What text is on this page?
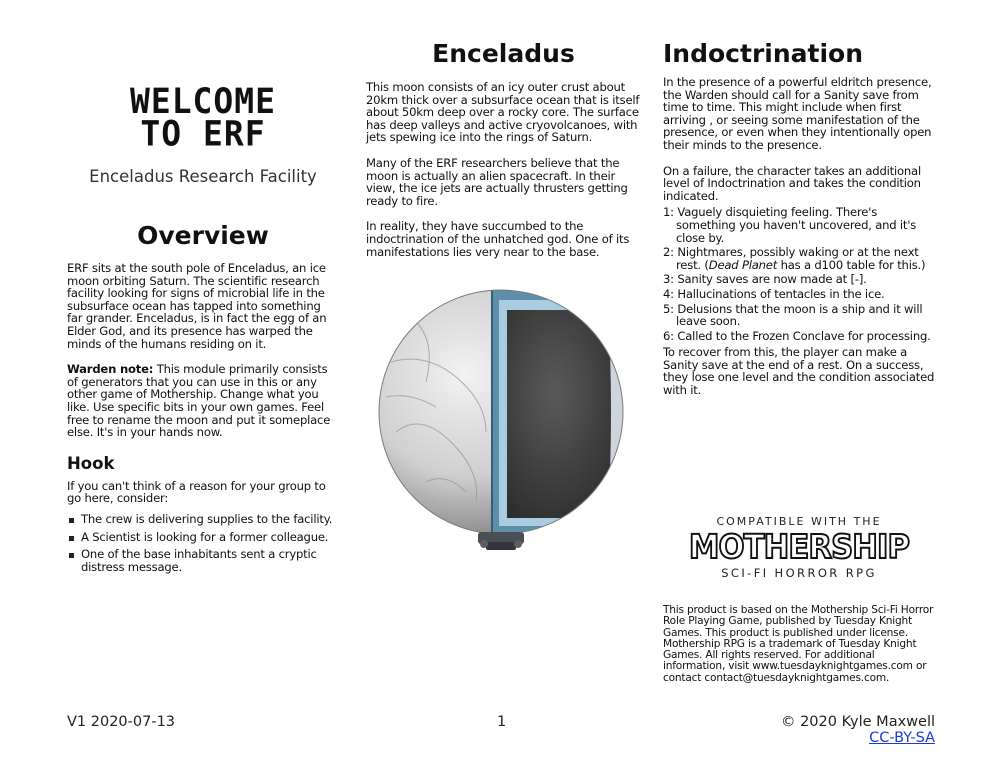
WELCOME
TO ERF
Enceladus Research Facility
Overview

ERF sits at the south pole of Enceladus, an ice moon orbiting Saturn. The scientific research facility looking for signs of microbial life in the subsurface ocean has tapped into something far grander. Enceladus, is in fact the egg of an Elder God, and its presence has warped the minds of the humans residing on it.

Warden note: This module primarily consists of generators that you can use in this or any other game of Mothership. Change what you like. Use specific bits in your own games. Feel free to rename the moon and put it someplace else. It's in your hands now.

Hook

If you can't think of a reason for your group to go here, consider:

The crew is delivering supplies to the facility.
A Scientist is looking for a former colleague.
One of the base inhabitants sent a cryptic distress message.
Enceladus

This moon consists of an icy outer crust about 20km thick over a subsurface ocean that is itself about 50km deep over a rocky core. The surface has deep valleys and active cryovolcanoes, with jets spewing ice into the rings of Saturn.

Many of the ERF researchers believe that the moon is actually an alien spacecraft. In their view, the ice jets are actually thrusters getting ready to fire.

In reality, they have succumbed to the indoctrination of the unhatched god. One of its manifestations lies very near to the base.

Indoctrination

In the presence of a powerful eldritch presence, the Warden should call for a Sanity save from time to time. This might include when first arriving , or seeing some manifestation of the presence, or even when they intentionally open their minds to the presence.

On a failure, the character takes an additional level of Indoctrination and takes the condition indicated.

1: Vaguely disquieting feeling. There's something you haven't uncovered, and it's close by.
2: Nightmares, possibly waking or at the next rest. (Dead Planet has a d100 table for this.)
3: Sanity saves are now made at [-].
4: Hallucinations of tentacles in the ice.
5: Delusions that the moon is a ship and it will leave soon.
6: Called to the Frozen Conclave for processing.

To recover from this, the player can make a Sanity save at the end of a rest. On a success, they lose one level and the condition associated with it.

COMPATIBLE WITH THE
MOTHERSHIP
SCI-FI HORROR RPG
This product is based on the Mothership Sci-Fi Horror Role Playing Game, published by Tuesday Knight Games. This product is published under license. Mothership RPG is a trademark of Tuesday Knight Games. All rights reserved. For additional information, visit www.tuesdayknightgames.com or contact contact@tuesdayknightgames.com.
V1 2020-07-13	1	© 2020 Kyle Maxwell
CC-BY-SA
